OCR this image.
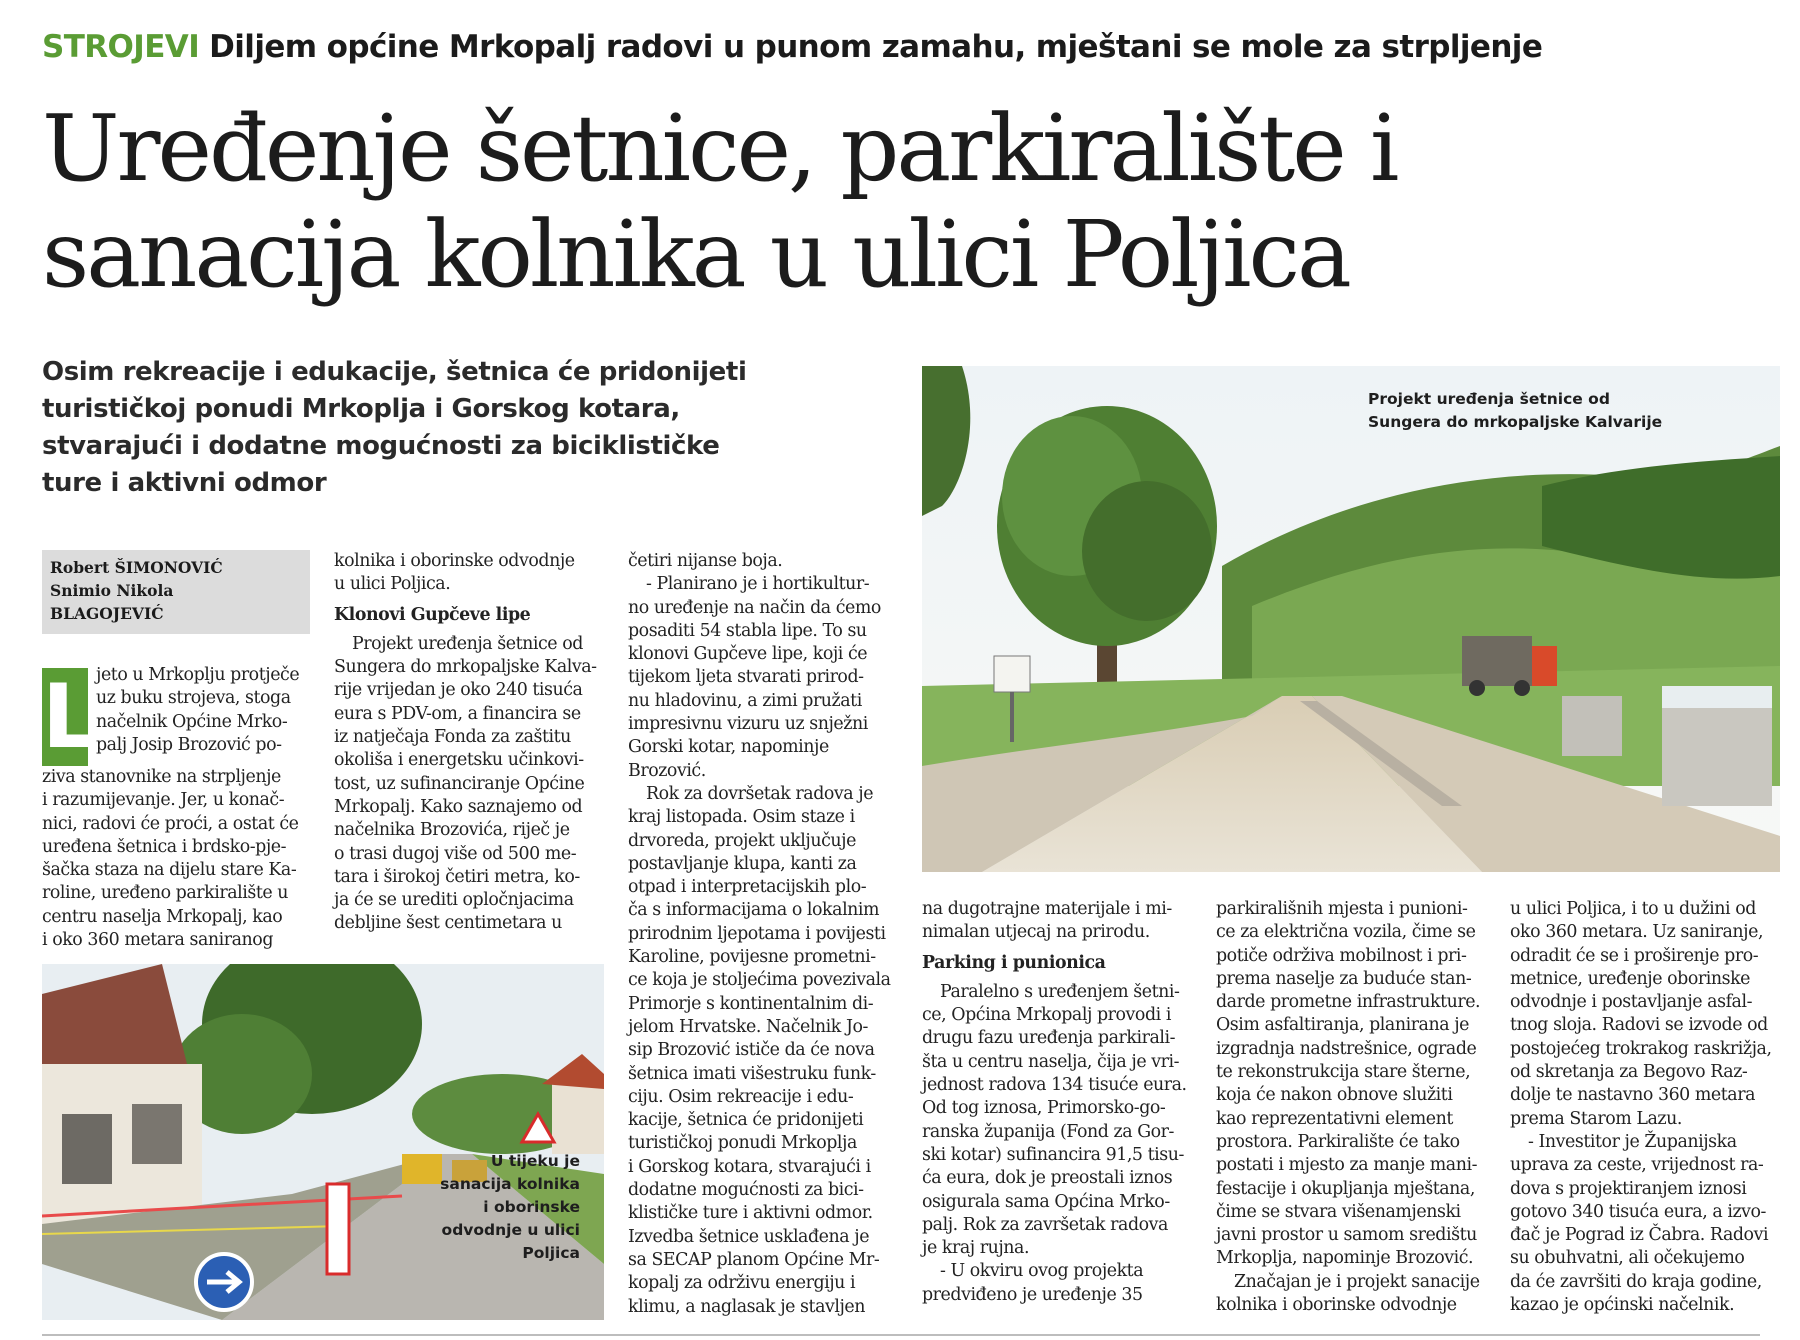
STROJEVI Diljem općine Mrkopalj radovi u punom zamahu, mještani se mole za strpljenje
Uređenje šetnice, parkiralište i
sanacija kolnika u ulici Poljica
Osim rekreacije i edukacije, šetnica će pridonijeti
turističkoj ponudi Mrkoplja i Gorskog kotara,
stvarajući i dodatne mogućnosti za biciklističke
ture i aktivni odmor
Robert ŠIMONOVIĆ
Snimio Nikola
BLAGOJEVIĆ
L
jeto u Mrkoplju protječe
uz buku strojeva, stoga
načelnik Općine Mrko-
palj Josip Brozović po-
ziva stanovnike na strpljenje
i razumijevanje. Jer, u konač-
nici, radovi će proći, a ostat će
uređena šetnica i brdsko-pje-
šačka staza na dijelu stare Ka-
roline, uređeno parkiralište u
centru naselja Mrkopalj, kao
i oko 360 metara saniranog
kolnika i oborinske odvodnje
u ulici Poljica.
Klonovi Gupčeve lipe
Projekt uređenja šetnice od
Sungera do mrkopaljske Kalva-
rije vrijedan je oko 240 tisuća
eura s PDV-om, a financira se
iz natječaja Fonda za zaštitu
okoliša i energetsku učinkovi-
tost, uz sufinanciranje Općine
Mrkopalj. Kako saznajemo od
načelnika Brozovića, riječ je
o trasi dugoj više od 500 me-
tara i širokoj četiri metra, ko-
ja će se urediti opločnjacima
debljine šest centimetara u
četiri nijanse boja.
- Planirano je i hortikultur-
no uređenje na način da ćemo
posaditi 54 stabla lipe. To su
klonovi Gupčeve lipe, koji će
tijekom ljeta stvarati prirod-
nu hladovinu, a zimi pružati
impresivnu vizuru uz snježni
Gorski kotar, napominje
Brozović.
Rok za dovršetak radova je
kraj listopada. Osim staze i
drvoreda, projekt uključuje
postavljanje klupa, kanti za
otpad i interpretacijskih plo-
ča s informacijama o lokalnim
prirodnim ljepotama i povijesti
Karoline, povijesne prometni-
ce koja je stoljećima povezivala
Primorje s kontinentalnim di-
jelom Hrvatske. Načelnik Jo-
sip Brozović ističe da će nova
šetnica imati višestruku funk-
ciju. Osim rekreacije i edu-
kacije, šetnica će pridonijeti
turističkoj ponudi Mrkoplja
i Gorskog kotara, stvarajući i
dodatne mogućnosti za bici-
klističke ture i aktivni odmor.
Izvedba šetnice usklađena je
sa SECAP planom Općine Mr-
kopalj za održivu energiju i
klimu, a naglasak je stavljen
Projekt uređenja šetnice od
Sungera do mrkopaljske Kalvarije
U tijeku je
sanacija kolnika
i oborinske
odvodnje u ulici
Poljica
na dugotrajne materijale i mi-
nimalan utjecaj na prirodu.
Parking i punionica
Paralelno s uređenjem šetni-
ce, Općina Mrkopalj provodi i
drugu fazu uređenja parkirali-
šta u centru naselja, čija je vri-
jednost radova 134 tisuće eura.
Od tog iznosa, Primorsko-go-
ranska županija (Fond za Gor-
ski kotar) sufinancira 91,5 tisu-
ća eura, dok je preostali iznos
osigurala sama Općina Mrko-
palj. Rok za završetak radova
je kraj rujna.
- U okviru ovog projekta
predviđeno je uređenje 35
parkirališnih mjesta i punioni-
ce za električna vozila, čime se
potiče održiva mobilnost i pri-
prema naselje za buduće stan-
darde prometne infrastrukture.
Osim asfaltiranja, planirana je
izgradnja nadstrešnice, ograde
te rekonstrukcija stare šterne,
koja će nakon obnove služiti
kao reprezentativni element
prostora. Parkiralište će tako
postati i mjesto za manje mani-
festacije i okupljanja mještana,
čime se stvara višenamjenski
javni prostor u samom središtu
Mrkoplja, napominje Brozović.
Značajan je i projekt sanacije
kolnika i oborinske odvodnje
u ulici Poljica, i to u dužini od
oko 360 metara. Uz saniranje,
odradit će se i proširenje pro-
metnice, uređenje oborinske
odvodnje i postavljanje asfal-
tnog sloja. Radovi se izvode od
postojećeg trokrakog raskrižja,
od skretanja za Begovo Raz-
dolje te nastavno 360 metara
prema Starom Lazu.
- Investitor je Županijska
uprava za ceste, vrijednost ra-
dova s projektiranjem iznosi
gotovo 340 tisuća eura, a izvo-
đač je Pograd iz Čabra. Radovi
su obuhvatni, ali očekujemo
da će završiti do kraja godine,
kazao je općinski načelnik.
